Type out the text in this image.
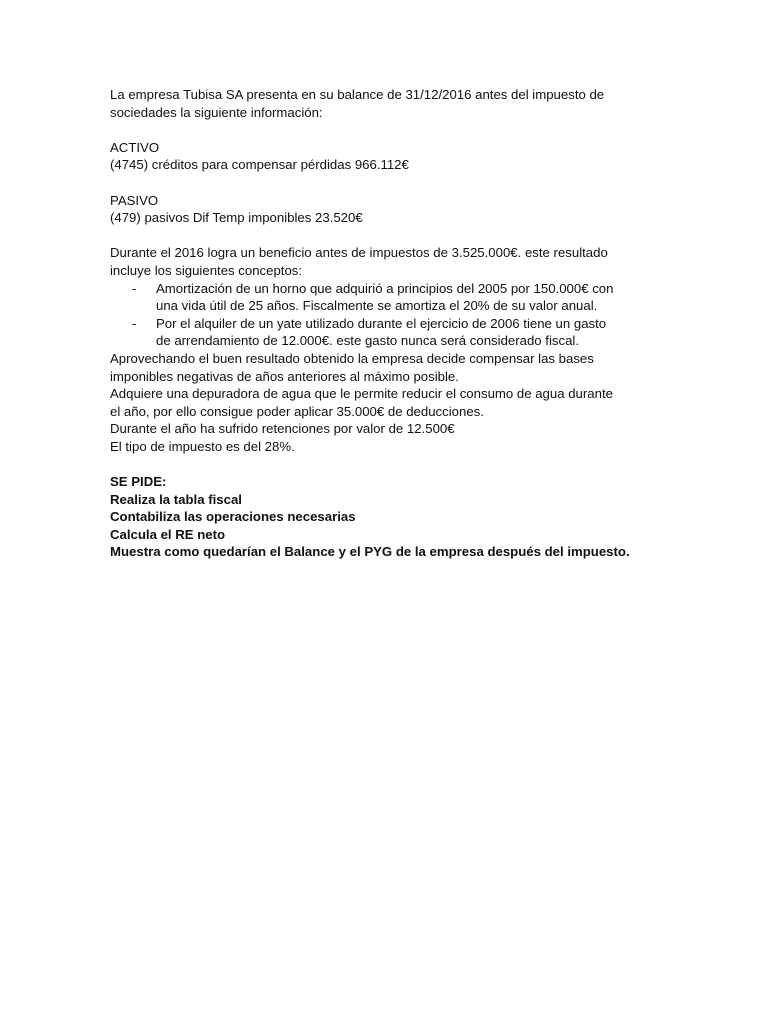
La empresa Tubisa SA presenta en su balance de 31/12/2016 antes del impuesto de
sociedades la siguiente información:
ACTIVO
(4745) créditos para compensar pérdidas 966.112€
PASIVO
(479) pasivos Dif Temp imponibles 23.520€
Durante el 2016 logra un beneficio antes de impuestos de 3.525.000€. este resultado
incluye los siguientes conceptos:
- Amortización de un horno que adquirió a principios del 2005 por 150.000€ con
una vida útil de 25 años. Fiscalmente se amortiza el 20% de su valor anual.
- Por el alquiler de un yate utilizado durante el ejercicio de 2006 tiene un gasto
de arrendamiento de 12.000€. este gasto nunca será considerado fiscal.
Aprovechando el buen resultado obtenido la empresa decide compensar las bases
imponibles negativas de años anteriores al máximo posible.
Adquiere una depuradora de agua que le permite reducir el consumo de agua durante
el año, por ello consigue poder aplicar 35.000€ de deducciones.
Durante el año ha sufrido retenciones por valor de 12.500€
El tipo de impuesto es del 28%.
SE PIDE:
Realiza la tabla fiscal
Contabiliza las operaciones necesarias
Calcula el RE neto
Muestra como quedarían el Balance y el PYG de la empresa después del impuesto.
